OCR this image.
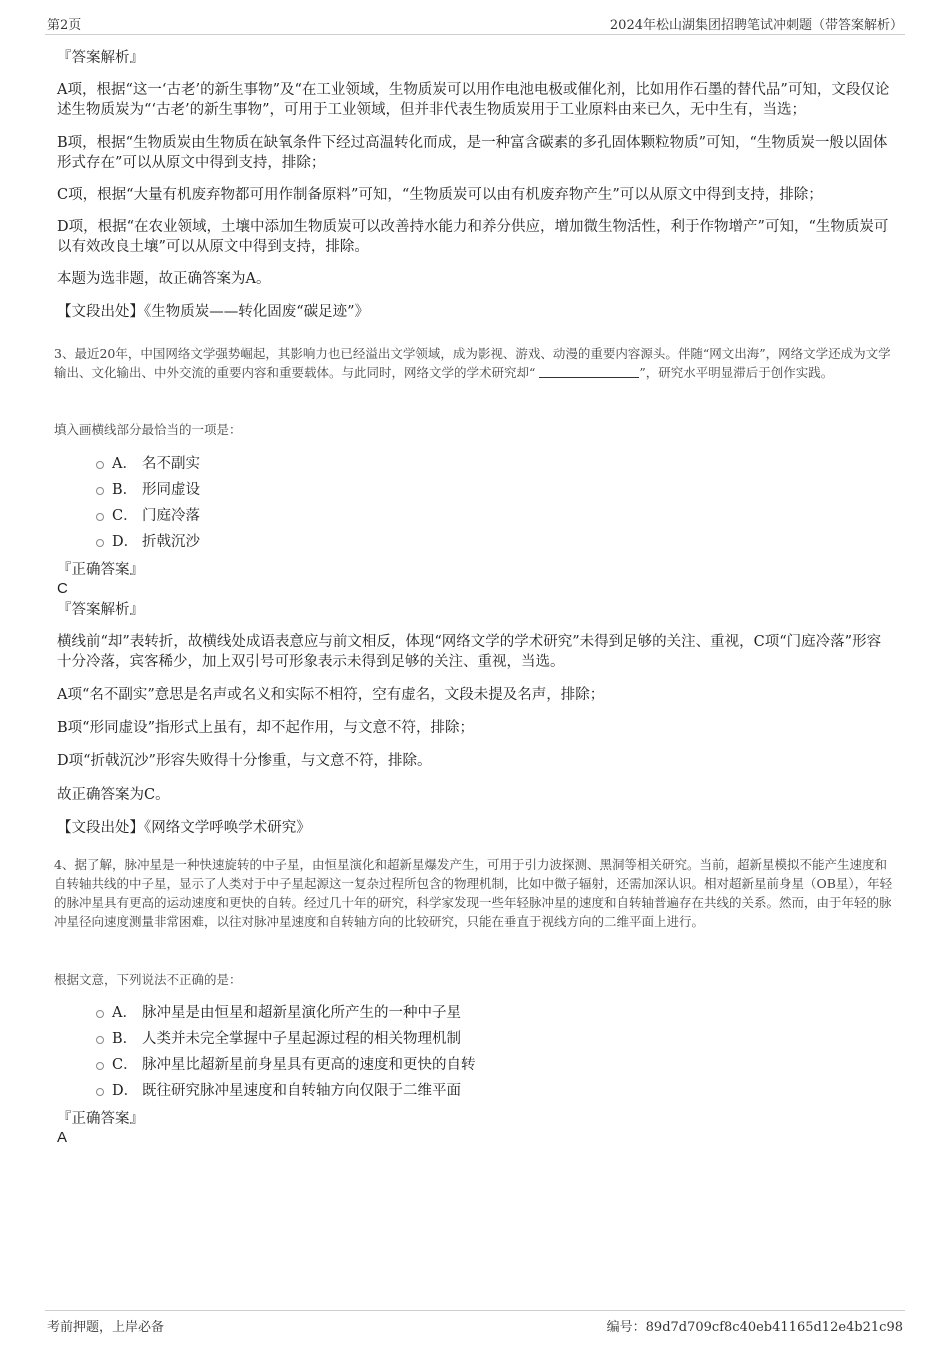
第2页	2024年松山湖集团招聘笔试冲刺题（带答案解析）
『答案解析』
A项，根据“这一‘古老’的新生事物”及“在工业领域，生物质炭可以用作电池电极或催化剂，比如用作石墨的替代品”可知，文段仅论述生物质炭为“‘古老’的新生事物”，可用于工业领域，但并非代表生物质炭用于工业原料由来已久，无中生有，当选；
B项，根据“生物质炭由生物质在缺氧条件下经过高温转化而成，是一种富含碳素的多孔固体颗粒物质”可知，“生物质炭一般以固体形式存在”可以从原文中得到支持，排除；
C项，根据“大量有机废弃物都可用作制备原料”可知，“生物质炭可以由有机废弃物产生”可以从原文中得到支持，排除；
D项，根据“在农业领域，土壤中添加生物质炭可以改善持水能力和养分供应，增加微生物活性，利于作物增产”可知，“生物质炭可以有效改良土壤”可以从原文中得到支持，排除。
本题为选非题，故正确答案为A。
【文段出处】《生物质炭——转化固废“碳足迹”》
3、最近20年，中国网络文学强势崛起，其影响力也已经溢出文学领域，成为影视、游戏、动漫的重要内容源头。伴随“网文出海”，网络文学还成为文学输出、文化输出、中外交流的重要内容和重要载体。与此同时，网络文学的学术研究却“	”，研究水平明显滞后于创作实践。
填入画横线部分最恰当的一项是：
A． 名不副实
B． 形同虚设
C． 门庭冷落
D． 折戟沉沙
『正确答案』
C
『答案解析』
横线前“却”表转折，故横线处成语表意应与前文相反，体现“网络文学的学术研究”未得到足够的关注、重视，C项“门庭冷落”形容十分冷落，宾客稀少，加上双引号可形象表示未得到足够的关注、重视，当选。
A项“名不副实”意思是名声或名义和实际不相符，空有虚名，文段未提及名声，排除；
B项“形同虚设”指形式上虽有，却不起作用，与文意不符，排除；
D项“折戟沉沙”形容失败得十分惨重，与文意不符，排除。
故正确答案为C。
【文段出处】《网络文学呼唤学术研究》
4、据了解，脉冲星是一种快速旋转的中子星，由恒星演化和超新星爆发产生，可用于引力波探测、黑洞等相关研究。当前，超新星模拟不能产生速度和自转轴共线的中子星，显示了人类对于中子星起源这一复杂过程所包含的物理机制，比如中微子辐射，还需加深认识。相对超新星前身星（OB星），年轻的脉冲星具有更高的运动速度和更快的自转。经过几十年的研究，科学家发现一些年轻脉冲星的速度和自转轴普遍存在共线的关系。然而，由于年轻的脉冲星径向速度测量非常困难，以往对脉冲星速度和自转轴方向的比较研究，只能在垂直于视线方向的二维平面上进行。
根据文意，下列说法不正确的是：
A． 脉冲星是由恒星和超新星演化所产生的一种中子星
B． 人类并未完全掌握中子星起源过程的相关物理机制
C． 脉冲星比超新星前身星具有更高的速度和更快的自转
D． 既往研究脉冲星速度和自转轴方向仅限于二维平面
『正确答案』
A
考前押题，上岸必备	编号：89d7d709cf8c40eb41165d12e4b21c98
